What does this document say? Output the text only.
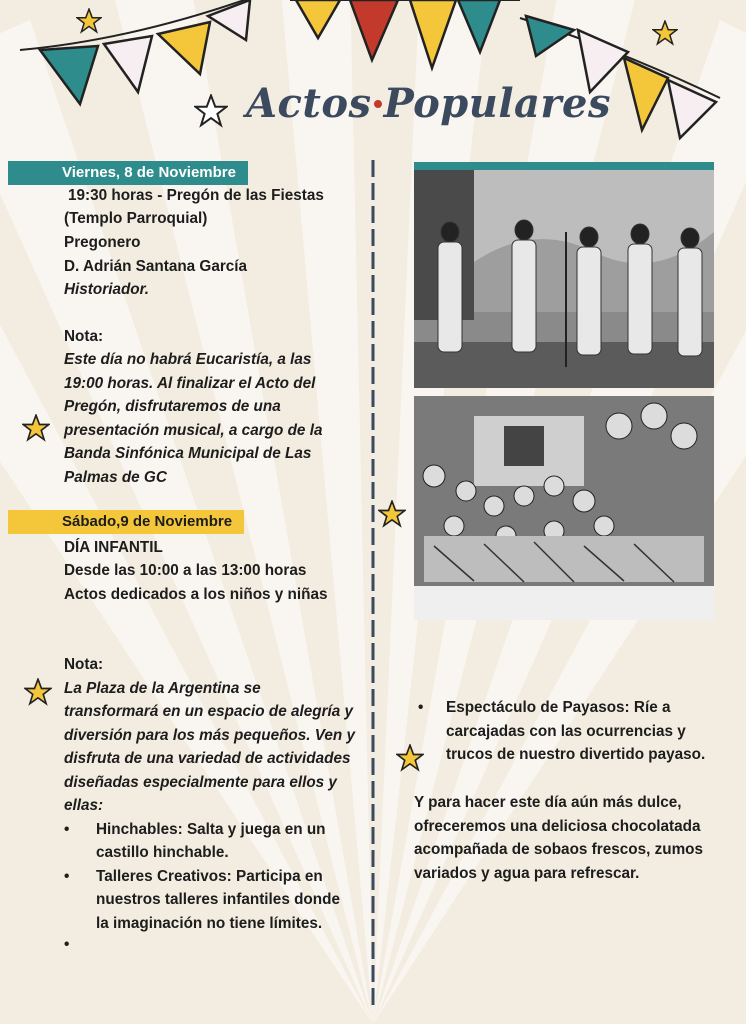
Actos Populares
Viernes, 8 de Noviembre
19:30 horas - Pregón de las Fiestas
(Templo Parroquial)
Pregonero
D. Adrián Santana García
Historiador.
Nota:
Este día no habrá Eucaristía, a las
19:00 horas. Al finalizar el Acto del
Pregón, disfrutaremos de una
presentación musical, a cargo de la
Banda Sinfónica Municipal de Las
Palmas de GC
Sábado,9 de Noviembre
DÍA INFANTIL
Desde las 10:00 a las 13:00 horas
Actos dedicados a los niños y niñas
Nota:
La Plaza de la Argentina se
transformará en un espacio de alegría y
diversión para los más pequeños. Ven y
disfruta de una variedad de actividades
diseñadas especialmente para ellos y
ellas:
• Hinchables: Salta y juega en un
castillo hinchable.
• Talleres Creativos: Participa en
nuestros talleres infantiles donde
la imaginación no tiene límites.
•
• Espectáculo de Payasos: Ríe a
carcajadas con las ocurrencias y
trucos de nuestro divertido payaso.
Y para hacer este día aún más dulce,
ofreceremos una deliciosa chocolatada
acompañada de sobaos frescos, zumos
variados y agua para refrescar.
